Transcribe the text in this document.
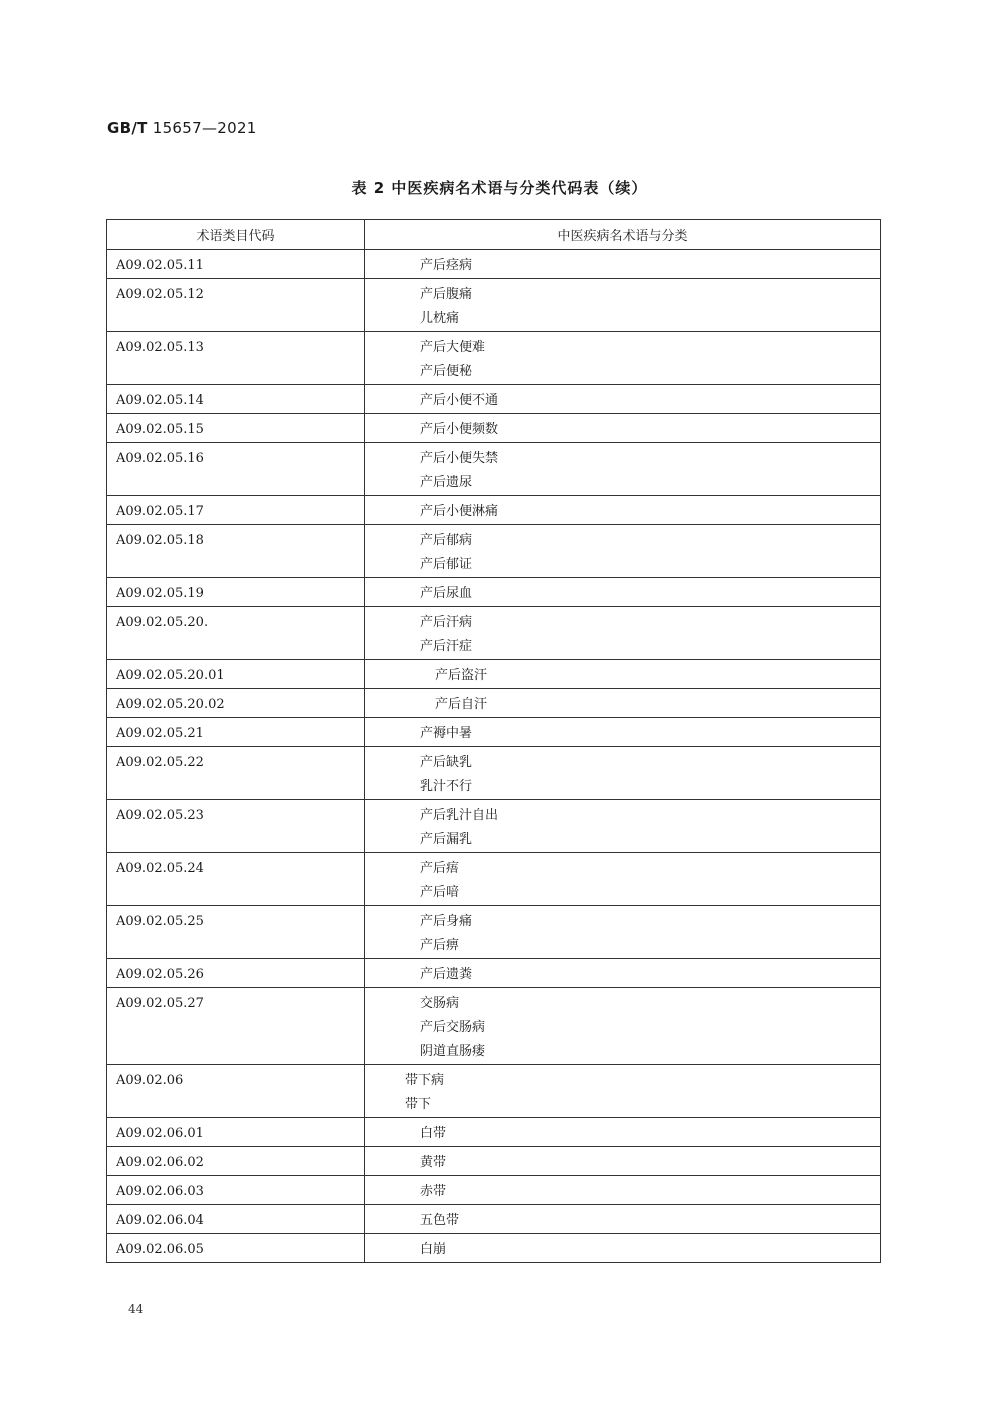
GB/T 15657—2021
表 2 中医疾病名术语与分类代码表（续）
术语类目代码	中医疾病名术语与分类
A09.02.05.11	产后痉病

A09.02.05.12	产后腹痛
儿枕痛

A09.02.05.13	产后大便难
产后便秘

A09.02.05.14	产后小便不通

A09.02.05.15	产后小便频数

A09.02.05.16	产后小便失禁
产后遗尿

A09.02.05.17	产后小便淋痛

A09.02.05.18	产后郁病
产后郁证

A09.02.05.19	产后尿血

A09.02.05.20.	产后汗病
产后汗症

A09.02.05.20.01	产后盗汗

A09.02.05.20.02	产后自汗

A09.02.05.21	产褥中暑

A09.02.05.22	产后缺乳
乳汁不行

A09.02.05.23	产后乳汁自出
产后漏乳

A09.02.05.24	产后痦
产后喑

A09.02.05.25	产后身痛
产后痹

A09.02.05.26	产后遗粪

A09.02.05.27	交肠病
产后交肠病
阴道直肠瘘

A09.02.06	带下病
带下

A09.02.06.01	白带

A09.02.06.02	黄带

A09.02.06.03	赤带

A09.02.06.04	五色带

A09.02.06.05	白崩
44
